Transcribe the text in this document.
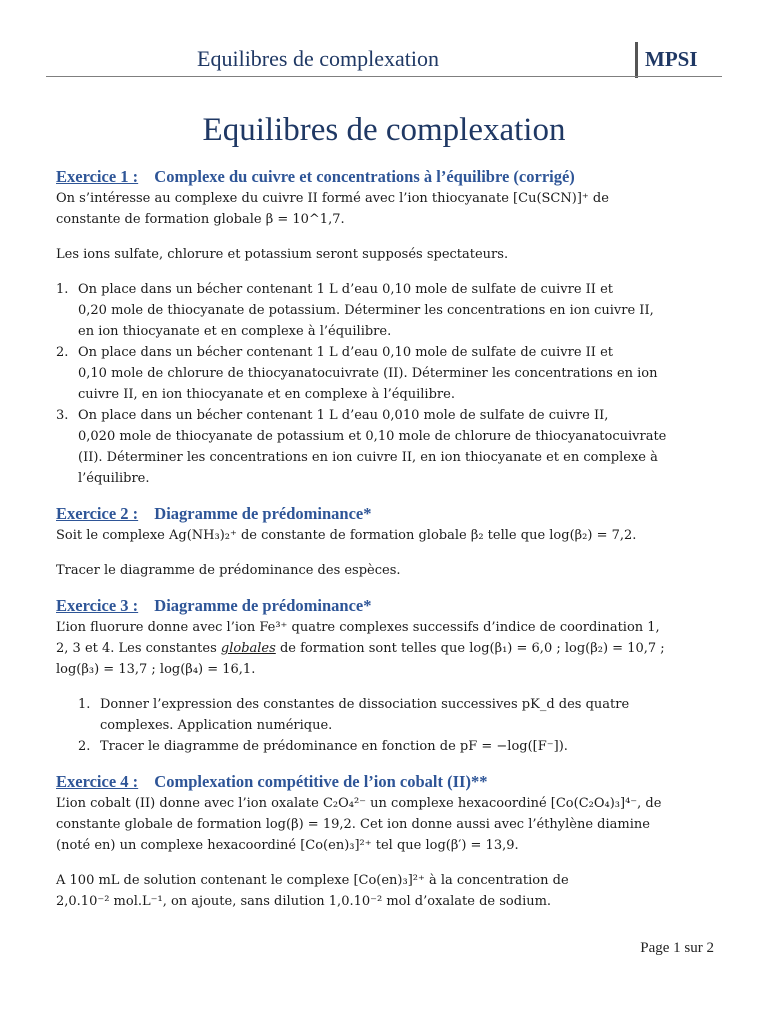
Equilibres de complexation	MPSI
Equilibres de complexation

Exercice 1 : Complexe du cuivre et concentrations à l’équilibre (corrigé)

On s’intéresse au complexe du cuivre II formé avec l’ion thiocyanate [Cu(SCN)]⁺ de

constante de formation globale β = 10^1,7.

Les ions sulfate, chlorure et potassium seront supposés spectateurs.

1. On place dans un bécher contenant 1 L d’eau 0,10 mole de sulfate de cuivre II et
0,20 mole de thiocyanate de potassium. Déterminer les concentrations en ion cuivre II,
en ion thiocyanate et en complexe à l’équilibre.
2. On place dans un bécher contenant 1 L d’eau 0,10 mole de sulfate de cuivre II et
0,10 mole de chlorure de thiocyanatocuivrate (II). Déterminer les concentrations en ion
cuivre II, en ion thiocyanate et en complexe à l’équilibre.
3. On place dans un bécher contenant 1 L d’eau 0,010 mole de sulfate de cuivre II,
0,020 mole de thiocyanate de potassium et 0,10 mole de chlorure de thiocyanatocuivrate
(II). Déterminer les concentrations en ion cuivre II, en ion thiocyanate et en complexe à
l’équilibre.

Exercice 2 : Diagramme de prédominance*

Soit le complexe Ag(NH₃)₂⁺ de constante de formation globale β₂ telle que log(β₂) = 7,2.

Tracer le diagramme de prédominance des espèces.

Exercice 3 : Diagramme de prédominance*

L’ion fluorure donne avec l’ion Fe³⁺ quatre complexes successifs d’indice de coordination 1,

2, 3 et 4. Les constantes globales de formation sont telles que log(β₁) = 6,0 ; log(β₂) = 10,7 ;

log(β₃) = 13,7 ; log(β₄) = 16,1.

1. Donner l’expression des constantes de dissociation successives pK_d des quatre
complexes. Application numérique.
2. Tracer le diagramme de prédominance en fonction de pF = −log([F⁻]).

Exercice 4 : Complexation compétitive de l’ion cobalt (II)**

L’ion cobalt (II) donne avec l’ion oxalate C₂O₄²⁻ un complexe hexacoordiné [Co(C₂O₄)₃]⁴⁻, de

constante globale de formation log(β) = 19,2. Cet ion donne aussi avec l’éthylène diamine

(noté en) un complexe hexacoordiné [Co(en)₃]²⁺ tel que log(β′) = 13,9.

A 100 mL de solution contenant le complexe [Co(en)₃]²⁺ à la concentration de

2,0.10⁻² mol.L⁻¹, on ajoute, sans dilution 1,0.10⁻² mol d’oxalate de sodium.

Page 1 sur 2
